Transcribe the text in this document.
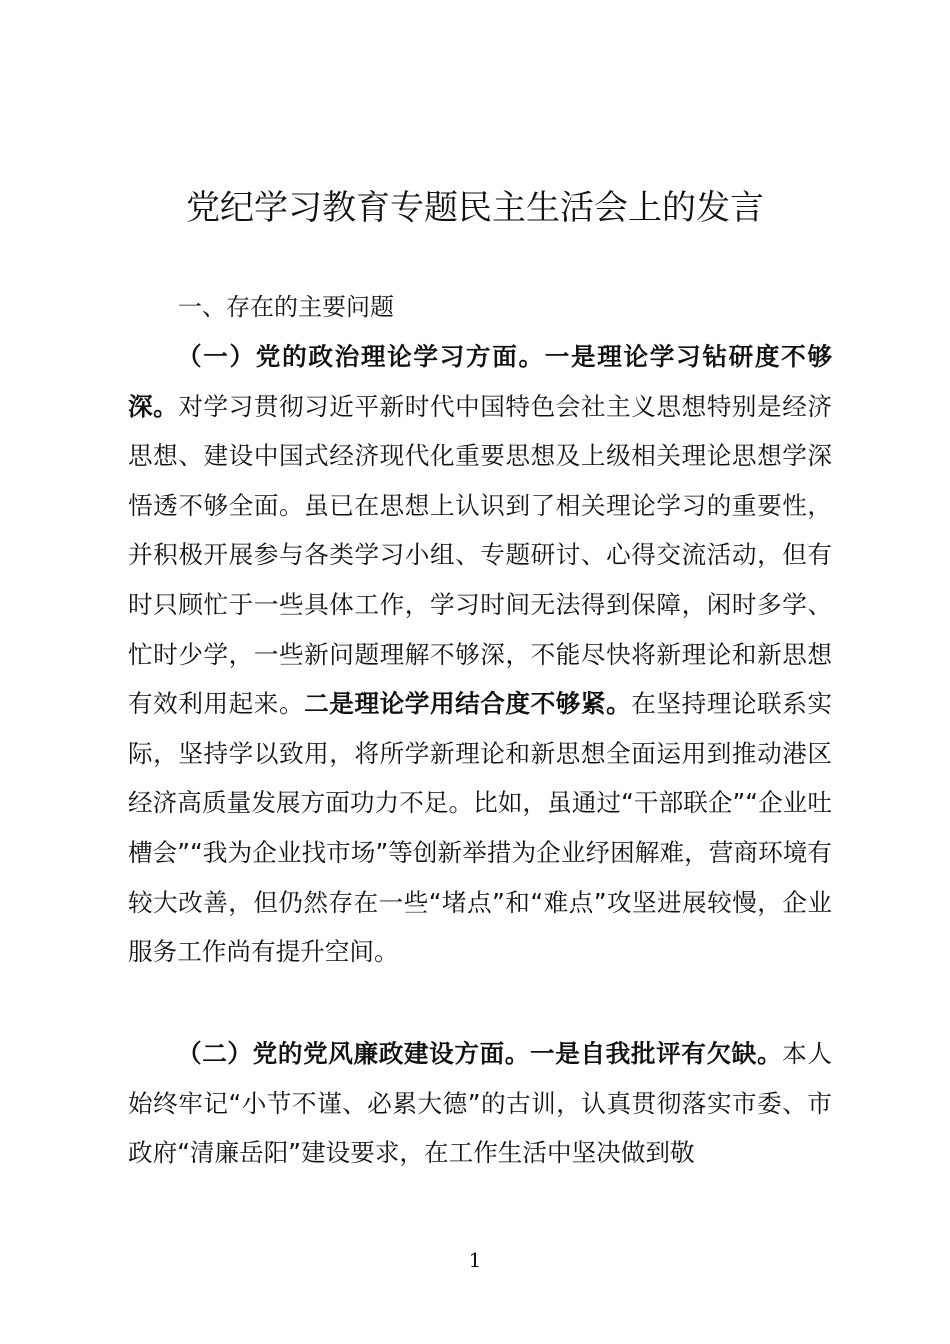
党纪学习教育专题民主生活会上的发言

一、存在的主要问题

（一）党的政治理论学习方面。一是理论学习钻研度不够深。对学习贯彻习近平新时代中国特色会社主义思想特别是经济思想、建设中国式经济现代化重要思想及上级相关理论思想学深悟透不够全面。虽已在思想上认识到了相关理论学习的重要性，并积极开展参与各类学习小组、专题研讨、心得交流活动，但有时只顾忙于一些具体工作，学习时间无法得到保障，闲时多学、忙时少学，一些新问题理解不够深，不能尽快将新理论和新思想有效利用起来。二是理论学用结合度不够紧。在坚持理论联系实际，坚持学以致用，将所学新理论和新思想全面运用到推动港区经济高质量发展方面功力不足。比如，虽通过“干部联企”“企业吐槽会”“我为企业找市场”等创新举措为企业纾困解难，营商环境有较大改善，但仍然存在一些“堵点”和“难点”攻坚进展较慢，企业服务工作尚有提升空间。

（二）党的党风廉政建设方面。一是自我批评有欠缺。本人始终牢记“小节不谨、必累大德”的古训，认真贯彻落实市委、市政府“清廉岳阳”建设要求，在工作生活中坚决做到敬

1
